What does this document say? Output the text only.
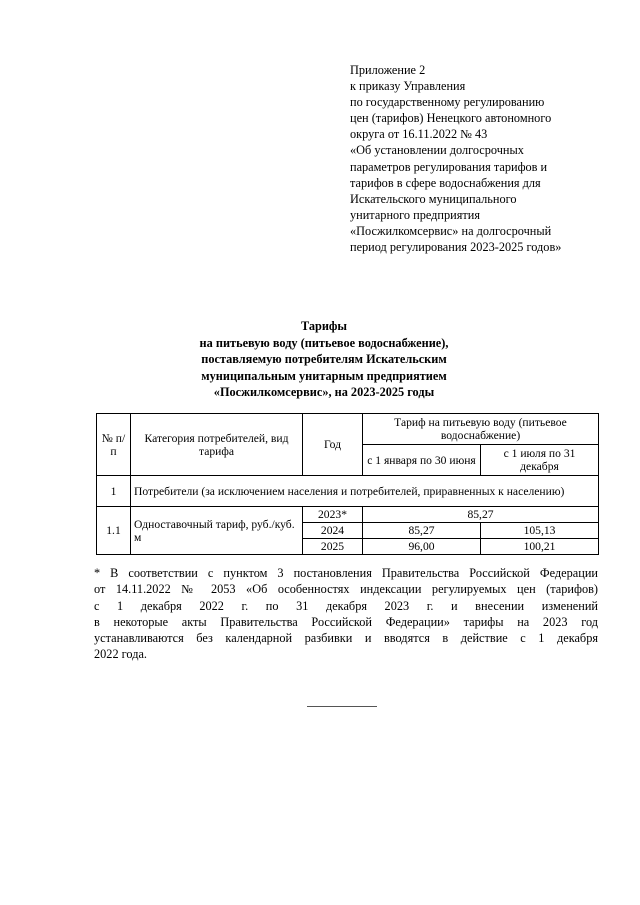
Приложение 2
к приказу Управления
по государственному регулированию
цен (тарифов) Ненецкого автономного
округа от 16.11.2022 № 43
«Об установлении долгосрочных
параметров регулирования тарифов и
тарифов в сфере водоснабжения для
Искательского муниципального
унитарного предприятия
«Посжилкомсервис» на долгосрочный
период регулирования 2023-2025 годов»
Тарифы
на питьевую воду (питьевое водоснабжение),
поставляемую потребителям Искательским
муниципальным унитарным предприятием
«Посжилкомсервис», на 2023-2025 годы
№ п/п	Категория потребителей, вид тарифа	Год	Тариф на питьевую воду (питьевое водоснабжение)	
			с 1 января по 30 июня	с 1 июля по 31 декабря
1	Потребители (за исключением населения и потребителей, приравненных к населению)			
1.1	Одноставочный тариф, руб./куб. м	2023*	85,27	
		2024	85,27	105,13
		2025	96,00	100,21
* В соответствии с пунктом 3 постановления Правительства Российской Федерации
от 14.11.2022 № 2053 «Об особенностях индексации регулируемых цен (тарифов)
с 1 декабря 2022 г. по 31 декабря 2023 г. и внесении изменений
в некоторые акты Правительства Российской Федерации» тарифы на 2023 год
устанавливаются без календарной разбивки и вводятся в действие с 1 декабря
2022 года.
